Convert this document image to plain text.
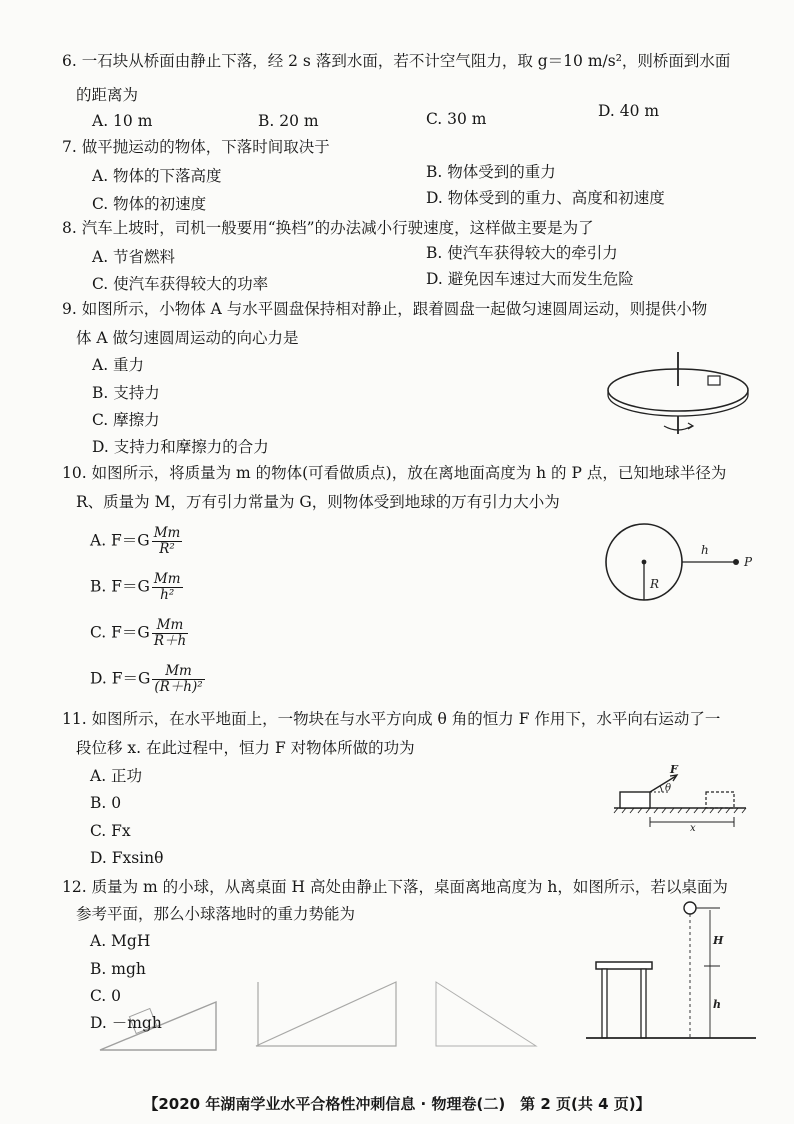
6. 一石块从桥面由静止下落，经 2 s 落到水面，若不计空气阻力，取 g＝10 m/s²，则桥面到水面
的距离为
A. 10 m	B. 20 m	C. 30 m	D. 40 m
7. 做平抛运动的物体，下落时间取决于
A. 物体的下落高度	B. 物体受到的重力
C. 物体的初速度	D. 物体受到的重力、高度和初速度
8. 汽车上坡时，司机一般要用“换档”的办法减小行驶速度，这样做主要是为了
A. 节省燃料	B. 使汽车获得较大的牵引力
C. 使汽车获得较大的功率	D. 避免因车速过大而发生危险
9. 如图所示，小物体 A 与水平圆盘保持相对静止，跟着圆盘一起做匀速圆周运动，则提供小物
体 A 做匀速圆周运动的向心力是
A. 重力
B. 支持力
C. 摩擦力
D. 支持力和摩擦力的合力
10. 如图所示，将质量为 m 的物体(可看做质点)，放在离地面高度为 h 的 P 点，已知地球半径为
R、质量为 M，万有引力常量为 G，则物体受到地球的万有引力大小为
A. $F=G \frac{Mm}{\text{R²}}$
B. $F=G \frac{Mm}{\text{h²}}$
C. $F=G \frac{Mm}{R+h}$
D. $F=G \frac{Mm}{\text{(R＋h)²}}$
h
P
R
11. 如图所示，在水平地面上，一物块在与水平方向成 θ 角的恒力 F 作用下，水平向右运动了一
段位移 x. 在此过程中，恒力 F 对物体所做的功为
A. 正功
B. 0
C. Fx
D. Fxsinθ
F
θ
x
12. 质量为 m 的小球，从离桌面 H 高处由静止下落，桌面离地高度为 h，如图所示，若以桌面为
参考平面，那么小球落地时的重力势能为
A. MgH
B. mgh
C. 0
D. －mgh
H
h
【2020 年湖南学业水平合格性冲刺信息 · 物理卷(二)　第 2 页(共 4 页)】
